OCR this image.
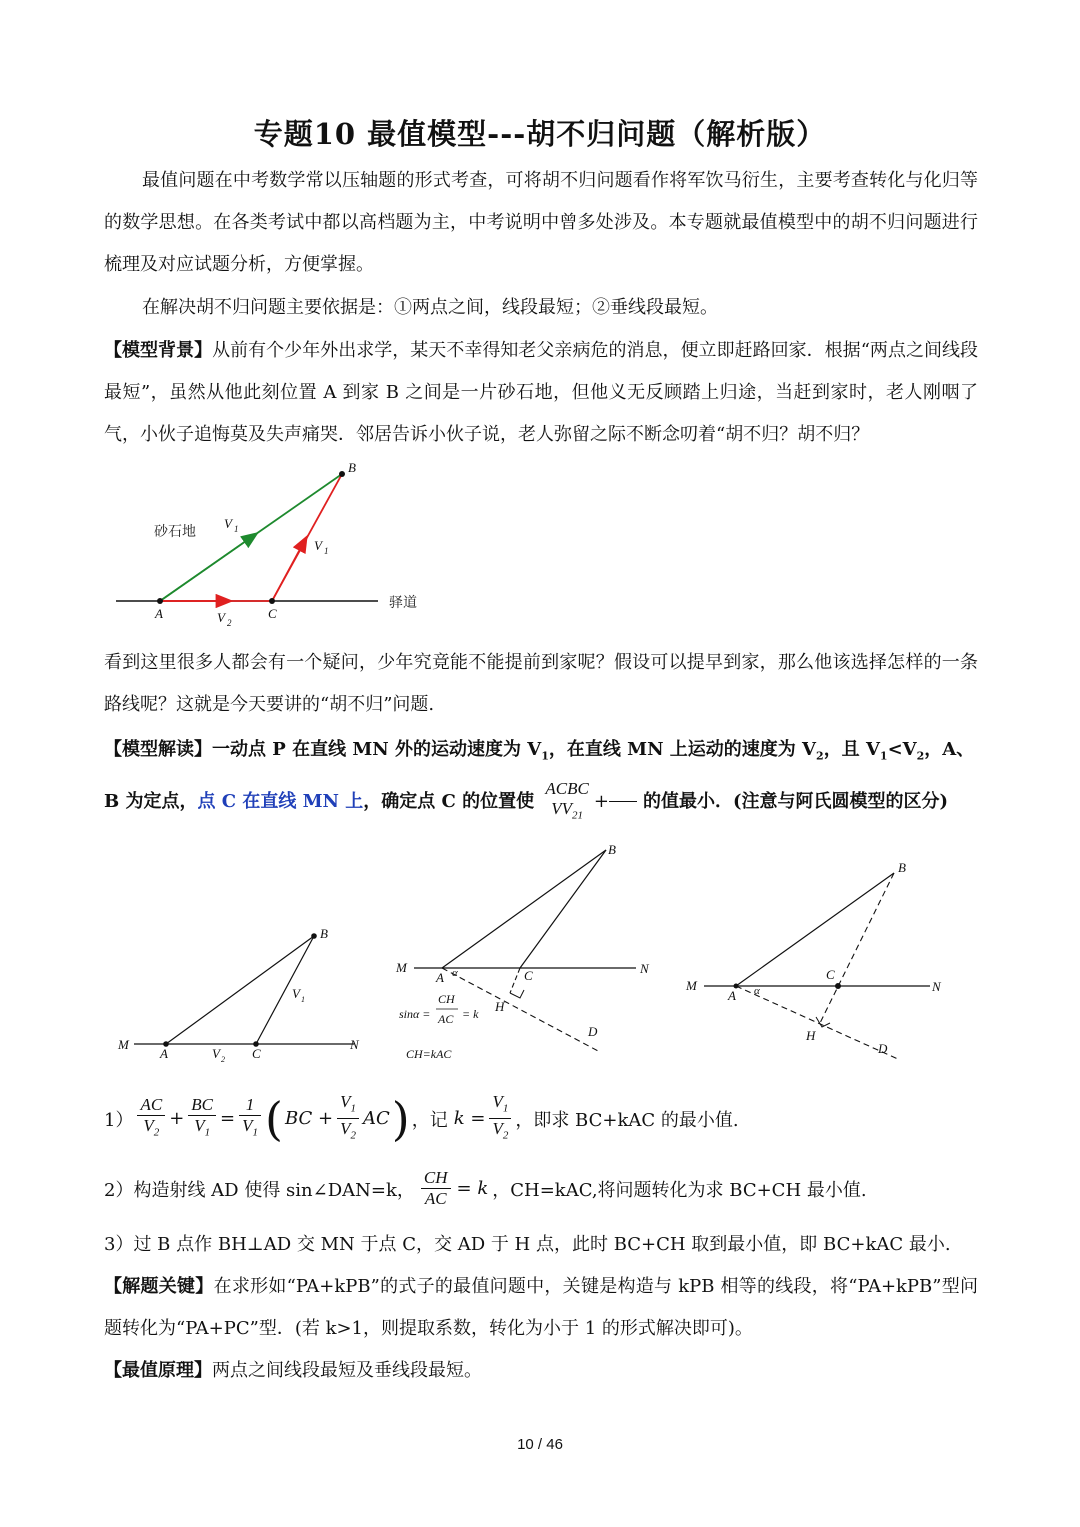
专题10 最值模型---胡不归问题（解析版）
最值问题在中考数学常以压轴题的形式考查，可将胡不归问题看作将军饮马衍生，主要考查转化与化归等的数学思想。在各类考试中都以高档题为主，中考说明中曾多处涉及。本专题就最值模型中的胡不归问题进行梳理及对应试题分析，方便掌握。
在解决胡不归问题主要依据是：①两点之间，线段最短；②垂线段最短。
【模型背景】从前有个少年外出求学，某天不幸得知老父亲病危的消息，便立即赶路回家．根据“两点之间线段最短”，虽然从他此刻位置 A 到家 B 之间是一片砂石地，但他义无反顾踏上归途，当赶到家时，老人刚咽了气，小伙子追悔莫及失声痛哭．邻居告诉小伙子说，老人弥留之际不断念叨着“胡不归？胡不归？
A	C
B
砂石地
驿道
V 1
V 1
V 2
看到这里很多人都会有一个疑问，少年究竟能不能提前到家呢？假设可以提早到家，那么他该选择怎样的一条路线呢？这就是今天要讲的“胡不归”问题.
【模型解读】一动点 P 在直线 MN 外的运动速度为 $V_1$，在直线 MN 上运动的速度为 $V_2$，且 $V_1<V_2$，A、
B 为定点，点 C 在直线 MN 上，确定点 C 的位置使
ACBC
$VV_{21}$
+ 的值最小．(注意与阿氏圆模型的区分)
M	N
A	C
B
V 1
V 2
M	N
A α	C
B
H
D
sinα =
CH
AC = k
CH=kAC
M	N
A α
C
B
H
D
$1) \frac{AC}{V_2} + \frac{BC}{V_1} = \frac{1}{V_1}$ ( BC + $\frac{V_1}{V_2}$ AC ) ，记 $k = \frac{V_1}{V_2}$ ，即求 BC+kAC 的最小值.
2）构造射线 AD 使得 sin∠DAN=k， $\frac{CH}{AC} = k$ ，CH=kAC,将问题转化为求 BC+CH 最小值.
3）过 B 点作 BH⊥AD 交 MN 于点 C，交 AD 于 H 点，此时 BC+CH 取到最小值，即 BC+kAC 最小.
【解题关键】在求形如“PA+kPB”的式子的最值问题中，关键是构造与 kPB 相等的线段，将“PA+kPB”型问题转化为“PA+PC”型．(若 k>1，则提取系数，转化为小于 1 的形式解决即可)。
【最值原理】两点之间线段最短及垂线段最短。
10 / 46
